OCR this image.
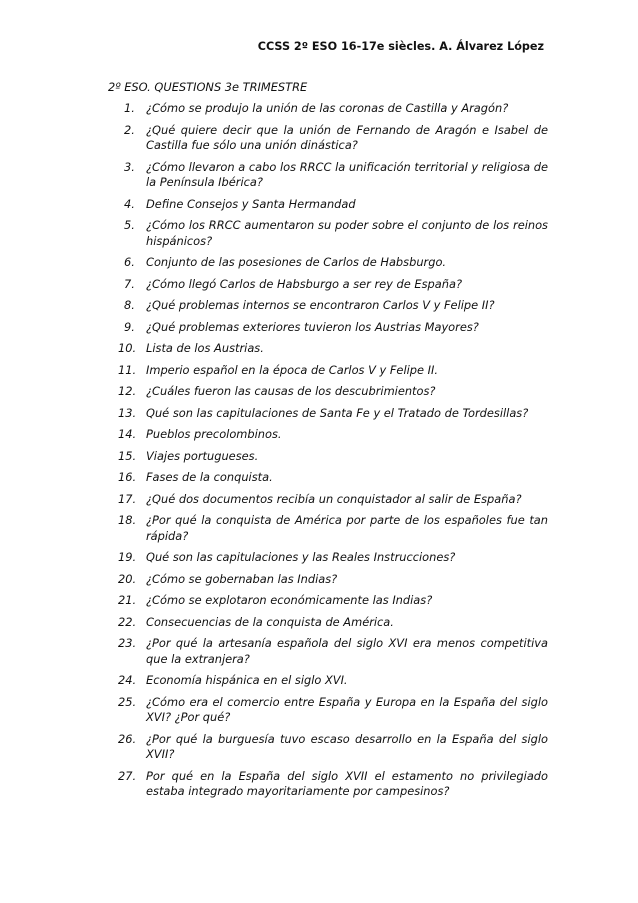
CCSS 2º ESO 16-17e siècles. A. Álvarez López
2º ESO. QUESTIONS 3e TRIMESTRE
1. ¿Cómo se produjo la unión de las coronas de Castilla y Aragón?
2. ¿Qué quiere decir que la unión de Fernando de Aragón e Isabel de Castilla fue sólo una unión dinástica?
3. ¿Cómo llevaron a cabo los RRCC la unificación territorial y religiosa de la Península Ibérica?
4. Define Consejos y Santa Hermandad
5. ¿Cómo los RRCC aumentaron su poder sobre el conjunto de los reinos hispánicos?
6. Conjunto de las posesiones de Carlos de Habsburgo.
7. ¿Cómo llegó Carlos de Habsburgo a ser rey de España?
8. ¿Qué problemas internos se encontraron Carlos V y Felipe II?
9. ¿Qué problemas exteriores tuvieron los Austrias Mayores?
10. Lista de los Austrias.
11. Imperio español en la época de Carlos V y Felipe II.
12. ¿Cuáles fueron las causas de los descubrimientos?
13. Qué son las capitulaciones de Santa Fe y el Tratado de Tordesillas?
14. Pueblos precolombinos.
15. Viajes portugueses.
16. Fases de la conquista.
17. ¿Qué dos documentos recibía un conquistador al salir de España?
18. ¿Por qué la conquista de América por parte de los españoles fue tan rápida?
19. Qué son las capitulaciones y las Reales Instrucciones?
20. ¿Cómo se gobernaban las Indias?
21. ¿Cómo se explotaron económicamente las Indias?
22. Consecuencias de la conquista de América.
23. ¿Por qué la artesanía española del siglo XVI era menos competitiva que la extranjera?
24. Economía hispánica en el siglo XVI.
25. ¿Cómo era el comercio entre España y Europa en la España del siglo XVI? ¿Por qué?
26. ¿Por qué la burguesía tuvo escaso desarrollo en la España del siglo XVII?
27. Por qué en la España del siglo XVII el estamento no privilegiado estaba integrado mayoritariamente por campesinos?
